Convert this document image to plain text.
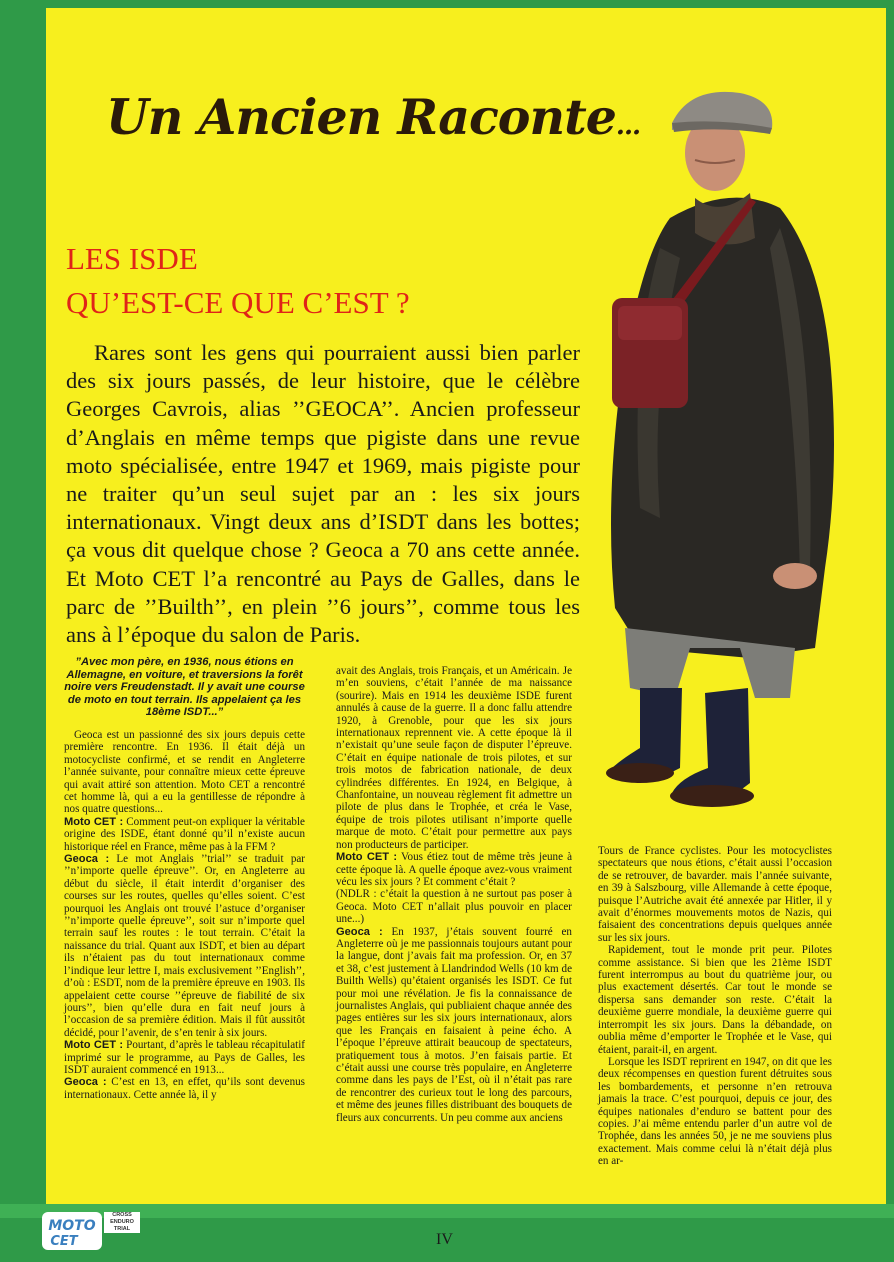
Un Ancien Raconte...
LES ISDE
QU’EST-CE QUE C’EST ?
Rares sont les gens qui pourraient aussi bien parler des six jours passés, de leur histoire, que le célèbre Georges Cavrois, alias ’’GEOCA’’. Ancien professeur d’Anglais en même temps que pigiste dans une revue moto spécialisée, entre 1947 et 1969, mais pigiste pour ne traiter qu’un seul sujet par an : les six jours internationaux. Vingt deux ans d’ISDT dans les bottes; ça vous dit quelque chose ? Geoca a 70 ans cette année. Et Moto CET l’a rencontré au Pays de Galles, dans le parc de ’’Builth’’, en plein ’’6 jours’’, comme tous les ans à l’époque du salon de Paris.
”Avec mon père, en 1936, nous étions en Allemagne, en voiture, et traversions la forêt noire vers Freudenstadt. Il y avait une course de moto en tout terrain. Ils appelaient ça les 18ème ISDT...”

Geoca est un passionné des six jours depuis cette première rencontre. En 1936. Il était déjà un motocycliste confirmé, et se rendit en Angleterre l’année suivante, pour connaître mieux cette épreuve qui avait attiré son attention. Moto CET a rencontré cet homme là, qui a eu la gentillesse de répondre à nos quatre questions...

Moto CET : Comment peut-on expliquer la véritable origine des ISDE, étant donné qu’il n’existe aucun historique réel en France, même pas à la FFM ?

Geoca : Le mot Anglais ’’trial’’ se traduit par ’’n’importe quelle épreuve’’. Or, en Angleterre au début du siècle, il était interdit d’organiser des courses sur les routes, quelles qu’elles soient. C’est pourquoi les Anglais ont trouvé l’astuce d’organiser ’’n’importe quelle épreuve’’, soit sur n’importe quel terrain sauf les routes : le tout terrain. C’était la naissance du trial. Quant aux ISDT, et bien au départ ils n’étaient pas du tout internationaux comme l’indique leur lettre I, mais exclusivement ’’English’’, d’où : ESDT, nom de la première épreuve en 1903. Ils appelaient cette course ’’épreuve de fiabilité de six jours’’, bien qu’elle dura en fait neuf jours à l’occasion de sa première édition. Mais il fût aussitôt décidé, pour l’avenir, de s’en tenir à six jours.

Moto CET : Pourtant, d’après le tableau récapitulatif imprimé sur le programme, au Pays de Galles, les ISDT auraient commencé en 1913...

Geoca : C’est en 13, en effet, qu’ils sont devenus internationaux. Cette année là, il y

avait des Anglais, trois Français, et un Américain. Je m’en souviens, c’était l’année de ma naissance (sourire). Mais en 1914 les deuxième ISDE furent annulés à cause de la guerre. Il a donc fallu attendre 1920, à Grenoble, pour que les six jours internationaux reprennent vie. A cette époque là il n’existait qu’une seule façon de disputer l’épreuve. C’était en équipe nationale de trois pilotes, et sur trois motos de fabrication nationale, de deux cylindrées différentes. En 1924, en Belgique, à Chanfontaine, un nouveau règlement fit admettre un pilote de plus dans le Trophée, et créa le Vase, équipe de trois pilotes utilisant n’importe quelle marque de moto. C’était pour permettre aux pays non producteurs de participer.

Moto CET : Vous étiez tout de même très jeune à cette époque là. A quelle époque avez-vous vraiment vécu les six jours ? Et comment c’était ?

(NDLR : c’était la question à ne surtout pas poser à Geoca. Moto CET n’allait plus pouvoir en placer une...)

Geoca : En 1937, j’étais souvent fourré en Angleterre où je me passionnais toujours autant pour la langue, dont j’avais fait ma profession. Or, en 37 et 38, c’est justement à Llandrindod Wells (10 km de Builth Wells) qu’étaient organisés les ISDT. Ce fut pour moi une révélation. Je fis la connaissance de journalistes Anglais, qui publiaient chaque année des pages entières sur les six jours internationaux, alors que les Français en faisaient à peine écho. A l’époque l’épreuve attirait beaucoup de spectateurs, pratiquement tous à motos. J’en faisais partie. Et c’était aussi une course très populaire, en Angleterre comme dans les pays de l’Est, où il n’était pas rare de rencontrer des curieux tout le long des parcours, et même des jeunes filles distribuant des bouquets de fleurs aux concurrents. Un peu comme aux anciens

Tours de France cyclistes. Pour les motocyclistes spectateurs que nous étions, c’était aussi l’occasion de se retrouver, de bavarder. mais l’année suivante, en 39 à Salszbourg, ville Allemande à cette époque, puisque l’Autriche avait été annexée par Hitler, il y avait d’énormes mouvements motos de Nazis, qui faisaient des concentrations depuis quelques année sur les six jours.

Rapidement, tout le monde prit peur. Pilotes comme assistance. Si bien que les 21ème ISDT furent interrompus au bout du quatrième jour, ou plus exactement désertés. Car tout le monde se dispersa sans demander son reste. C’était la deuxième guerre mondiale, la deuxième guerre qui interrompit les six jours. Dans la débandade, on oublia même d’emporter le Trophée et le Vase, qui étaient, parait-il, en argent.

Lorsque les ISDT reprirent en 1947, on dit que les deux récompenses en question furent détruites sous les bombardements, et personne n’en retrouva jamais la trace. C’est pourquoi, depuis ce jour, des équipes nationales d’enduro se battent pour des copies. J’ai même entendu parler d’un autre vol de Trophée, dans les années 50, je ne me souviens plus exactement. Mais comme celui là n’était déjà plus en ar-

MOTO
CET
CROSS
ENDURO
TRIAL
IV
